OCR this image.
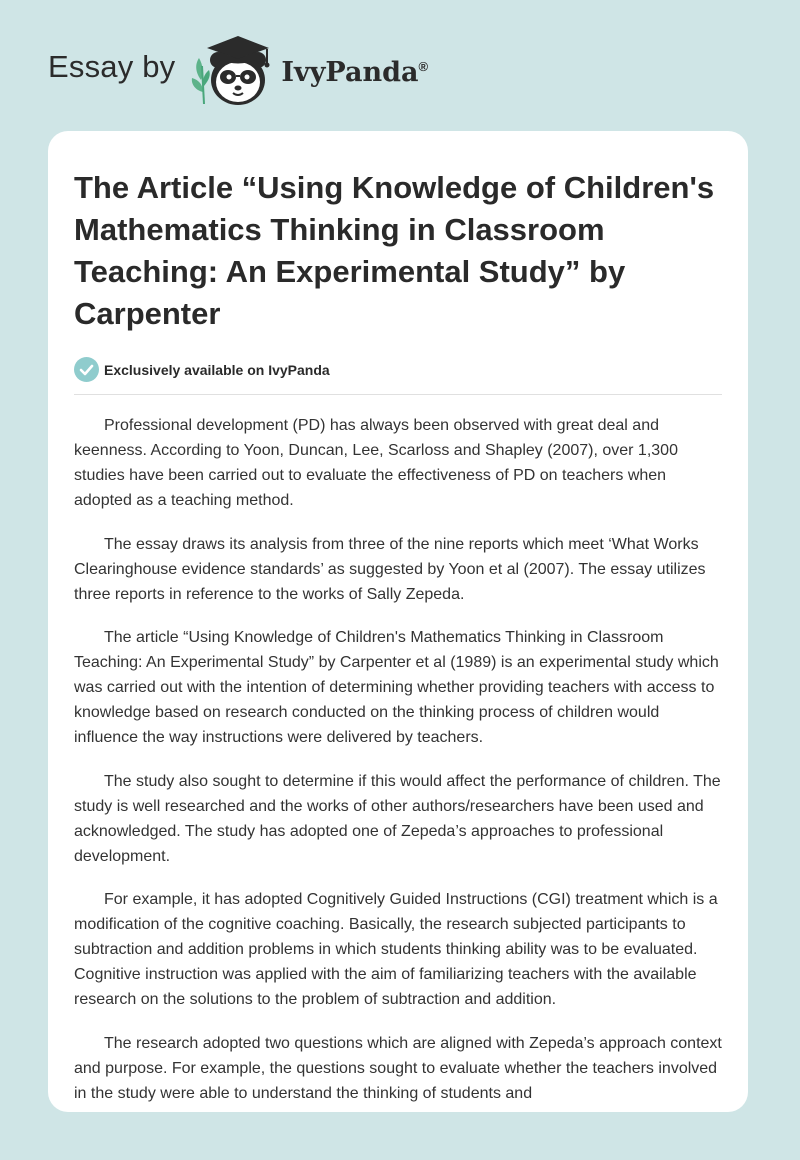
Essay by	IvyPanda®
The Article “Using Knowledge of Children's Mathematics Thinking in Classroom Teaching: An Experimental Study” by Carpenter
Exclusively available on IvyPanda

Professional development (PD) has always been observed with great deal and keenness. According to Yoon, Duncan, Lee, Scarloss and Shapley (2007), over 1,300 studies have been carried out to evaluate the effectiveness of PD on teachers when adopted as a teaching method.

The essay draws its analysis from three of the nine reports which meet ‘What Works Clearinghouse evidence standards’ as suggested by Yoon et al (2007). The essay utilizes three reports in reference to the works of Sally Zepeda.

The article “Using Knowledge of Children's Mathematics Thinking in Classroom Teaching: An Experimental Study” by Carpenter et al (1989) is an experimental study which was carried out with the intention of determining whether providing teachers with access to knowledge based on research conducted on the thinking process of children would influence the way instructions were delivered by teachers.

The study also sought to determine if this would affect the performance of children. The study is well researched and the works of other authors/researchers have been used and acknowledged. The study has adopted one of Zepeda’s approaches to professional development.

For example, it has adopted Cognitively Guided Instructions (CGI) treatment which is a modification of the cognitive coaching. Basically, the research subjected participants to subtraction and addition problems in which students thinking ability was to be evaluated. Cognitive instruction was applied with the aim of familiarizing teachers with the available research on the solutions to the problem of subtraction and addition.

The research adopted two questions which are aligned with Zepeda’s approach context and purpose. For example, the questions sought to evaluate whether the teachers involved in the study were able to understand the thinking of students and
